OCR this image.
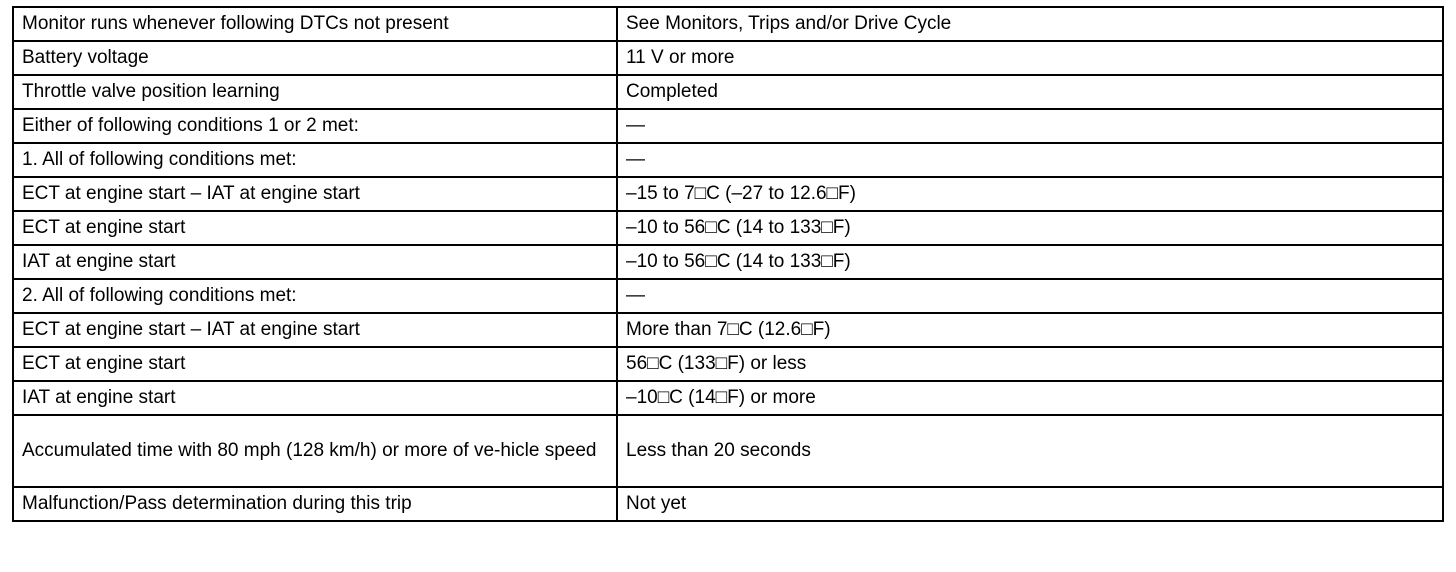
Monitor runs whenever following DTCs not present	See Monitors, Trips and/or Drive Cycle

Battery voltage	11 V or more

Throttle valve position learning	Completed

Either of following conditions 1 or 2 met:	—

1. All of following conditions met:	—

ECT at engine start – IAT at engine start	–15 to 7□C (–27 to 12.6□F)

ECT at engine start	–10 to 56□C (14 to 133□F)

IAT at engine start	–10 to 56□C (14 to 133□F)

2. All of following conditions met:	—

ECT at engine start – IAT at engine start	More than 7□C (12.6□F)

ECT at engine start	56□C (133□F) or less

IAT at engine start	–10□C (14□F) or more

Accumulated time with 80 mph (128 km/h) or more of ve-hicle speed	Less than 20 seconds

Malfunction/Pass determination during this trip	Not yet
